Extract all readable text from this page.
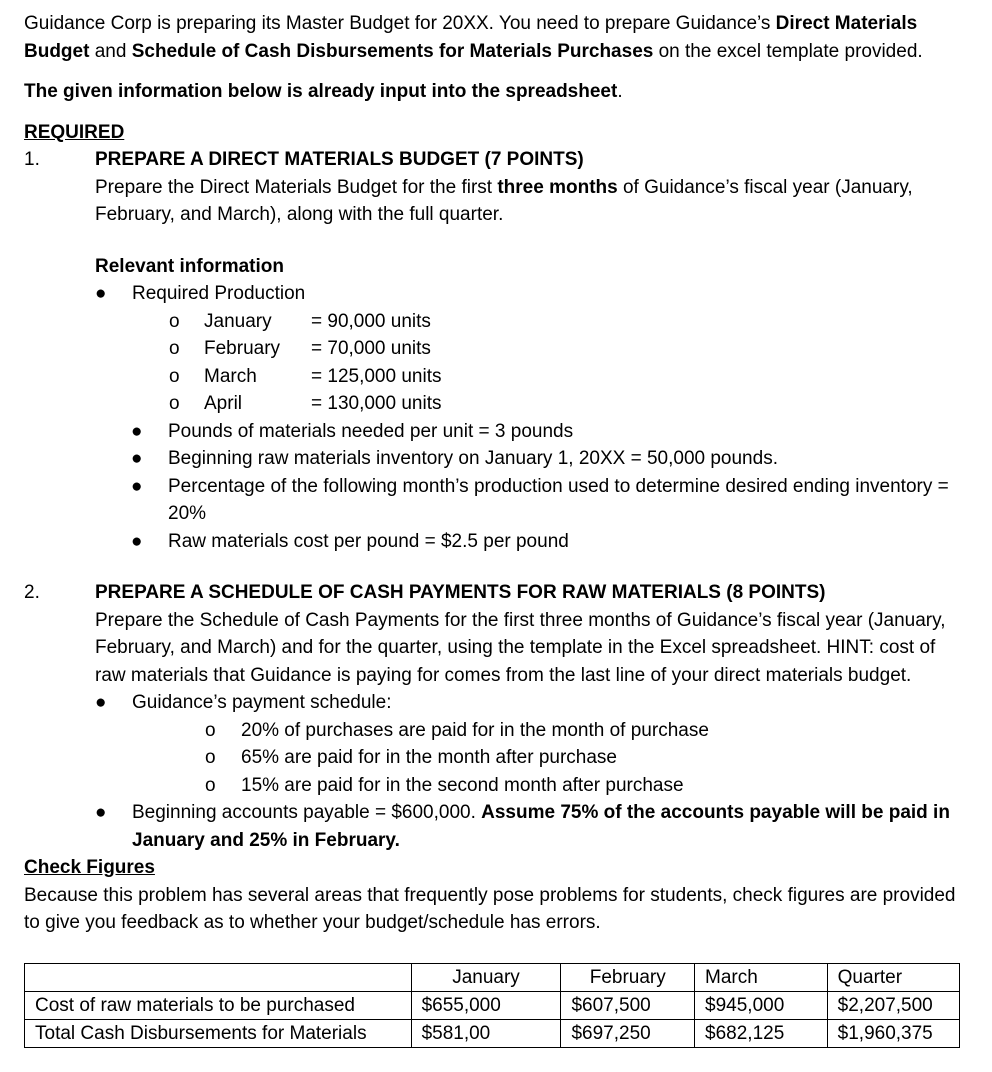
Guidance Corp is preparing its Master Budget for 20XX. You need to prepare Guidance’s Direct Materials Budget and Schedule of Cash Disbursements for Materials Purchases on the excel template provided.

The given information below is already input into the spreadsheet.

REQUIRED

1.	PREPARE A DIRECT MATERIALS BUDGET (7 POINTS)

Prepare the Direct Materials Budget for the first three months of Guidance’s fiscal year (January, February, and March), along with the full quarter.

Relevant information

●	Required Production
o	January = 90,000 units
o	February = 70,000 units
o	March	= 125,000 units
o	April	= 130,000 units
●	Pounds of materials needed per unit = 3 pounds
●	Beginning raw materials inventory on January 1, 20XX = 50,000 pounds.
●	Percentage of the following month’s production used to determine desired ending inventory = 20%
●	Raw materials cost per pound = $2.5 per pound
2.	PREPARE A SCHEDULE OF CASH PAYMENTS FOR RAW MATERIALS (8 POINTS)

Prepare the Schedule of Cash Payments for the first three months of Guidance’s fiscal year (January, February, and March) and for the quarter, using the template in the Excel spreadsheet. HINT: cost of raw materials that Guidance is paying for comes from the last line of your direct materials budget.

●	Guidance’s payment schedule:
o	20% of purchases are paid for in the month of purchase
o	65% are paid for in the month after purchase
o	15% are paid for in the second month after purchase
●	Beginning accounts payable = $600,000. Assume 75% of the accounts payable will be paid in January and 25% in February.

Check Figures

Because this problem has several areas that frequently pose problems for students, check figures are provided to give you feedback as to whether your budget/schedule has errors.

	January	February	March	Quarter
Cost of raw materials to be purchased	$655,000	$607,500	$945,000	$2,207,500
Total Cash Disbursements for Materials	$581,00	$697,250	$682,125	$1,960,375
